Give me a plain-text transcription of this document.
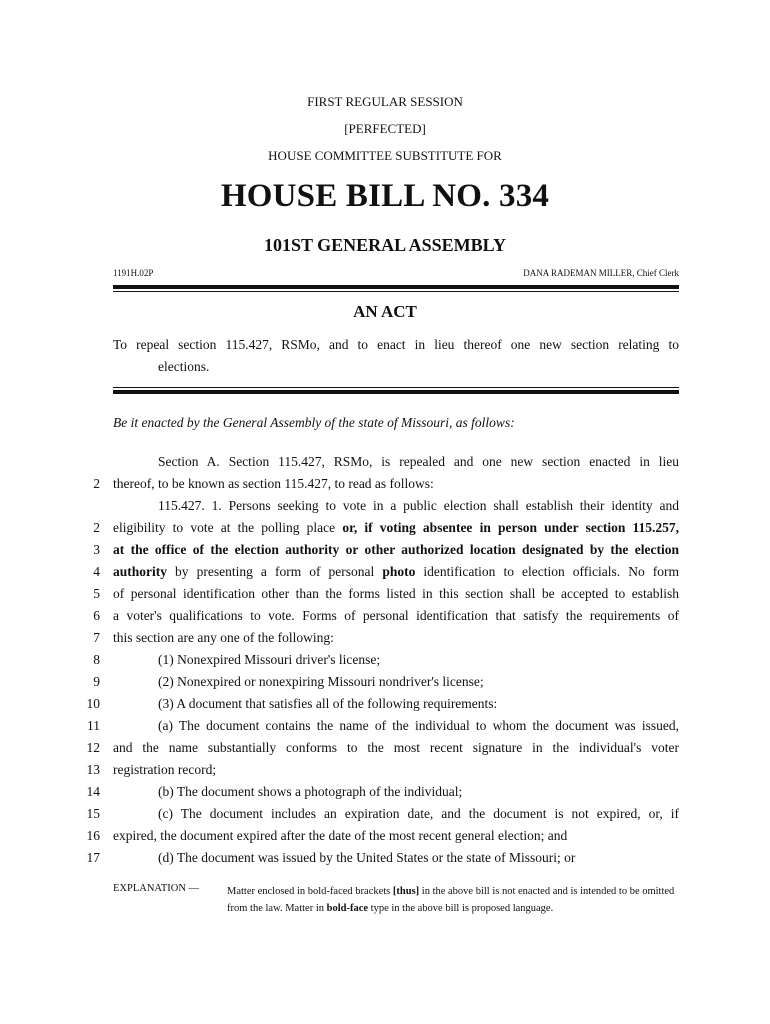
FIRST REGULAR SESSION
[PERFECTED]
HOUSE COMMITTEE SUBSTITUTE FOR
HOUSE BILL NO. 334
101ST GENERAL ASSEMBLY
1191H.02P	DANA RADEMAN MILLER, Chief Clerk
AN ACT
To repeal section 115.427, RSMo, and to enact in lieu thereof one new section relating to
elections.
Be it enacted by the General Assembly of the state of Missouri, as follows:
Section A. Section 115.427, RSMo, is repealed and one new section enacted in lieu
2 thereof, to be known as section 115.427, to read as follows:
115.427. 1. Persons seeking to vote in a public election shall establish their identity and
2 eligibility to vote at the polling place or, if voting absentee in person under section 115.257,
3 at the office of the election authority or other authorized location designated by the election
4 authority by presenting a form of personal photo identification to election officials. No form
5 of personal identification other than the forms listed in this section shall be accepted to establish
6 a voter's qualifications to vote. Forms of personal identification that satisfy the requirements of
7 this section are any one of the following:
8	(1) Nonexpired Missouri driver's license;
9	(2) Nonexpired or nonexpiring Missouri nondriver's license;
10	(3) A document that satisfies all of the following requirements:
11	(a) The document contains the name of the individual to whom the document was issued,
12 and the name substantially conforms to the most recent signature in the individual's voter
13 registration record;
14	(b) The document shows a photograph of the individual;
15	(c) The document includes an expiration date, and the document is not expired, or, if
16 expired, the document expired after the date of the most recent general election; and
17	(d) The document was issued by the United States or the state of Missouri; or
EXPLANATION —	Matter enclosed in bold-faced brackets [thus] in the above bill is not enacted and is intended to be omitted from the law. Matter in bold-face type in the above bill is proposed language.
